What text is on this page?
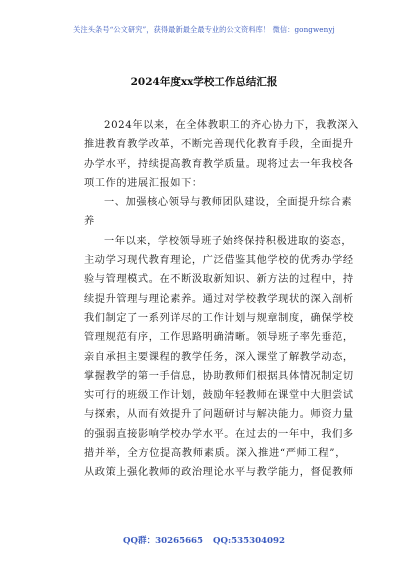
关注头条号“公文研究”，获得最新最全最专业的公文资料库！ 微信：gongwenyj
2024年度xx学校工作总结汇报
2024年以来，在全体教职工的齐心协力下，我教深入
推进教育教学改革，不断完善现代化教育手段，全面提升
办学水平，持续提高教育教学质量。现将过去一年我校各
项工作的进展汇报如下：
一、加强核心领导与教师团队建设，全面提升综合素
养
一年以来，学校领导班子始终保持积极进取的姿态，
主动学习现代教育理论，广泛借鉴其他学校的优秀办学经
验与管理模式。在不断汲取新知识、新方法的过程中，持
续提升管理与理论素养。通过对学校教学现状的深入剖析
我们制定了一系列详尽的工作计划与规章制度，确保学校
管理规范有序，工作思路明确清晰。领导班子率先垂范，
亲自承担主要课程的教学任务，深入课堂了解教学动态，
掌握教学的第一手信息，协助教师们根据具体情况制定切
实可行的班级工作计划，鼓励年轻教师在课堂中大胆尝试
与探索，从而有效提升了问题研讨与解决能力。师资力量
的强弱直接影响学校办学水平。在过去的一年中，我们多
措并举，全方位提高教师素质。深入推进“严师工程”，
从政策上强化教师的政治理论水平与教学能力，督促教师
QQ群：30265665 QQ:535304092
